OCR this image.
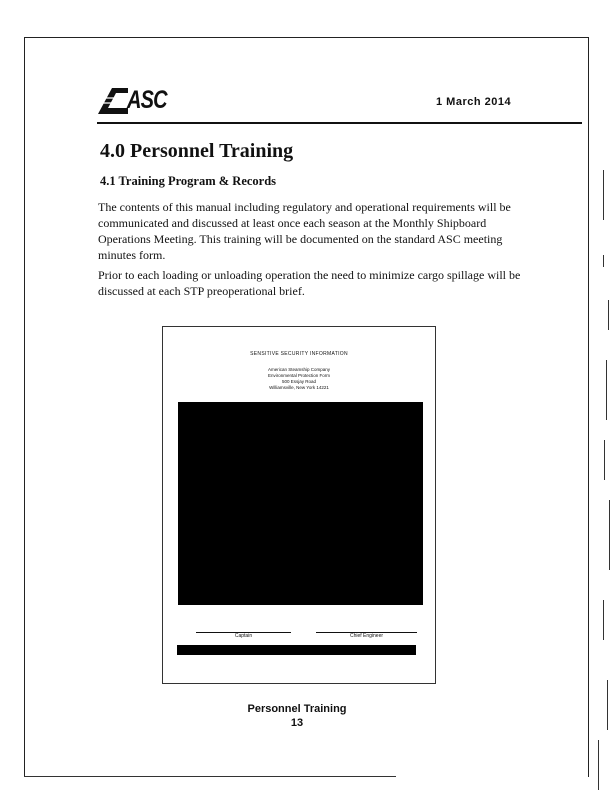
ASC	1 March 2014
4.0 Personnel Training
4.1 Training Program & Records
The contents of this manual including regulatory and operational requirements will be communicated and discussed at least once each season at the Monthly Shipboard Operations Meeting. This training will be documented on the standard ASC meeting minutes form.
Prior to each loading or unloading operation the need to minimize cargo spillage will be discussed at each STP preoperational brief.
SENSITIVE SECURITY INFORMATION
American Steamship Company
Environmental Protection Form
500 Essjay Road
Williamsville, New York 14221
Captain	Chief Engineer
Personnel Training
13
